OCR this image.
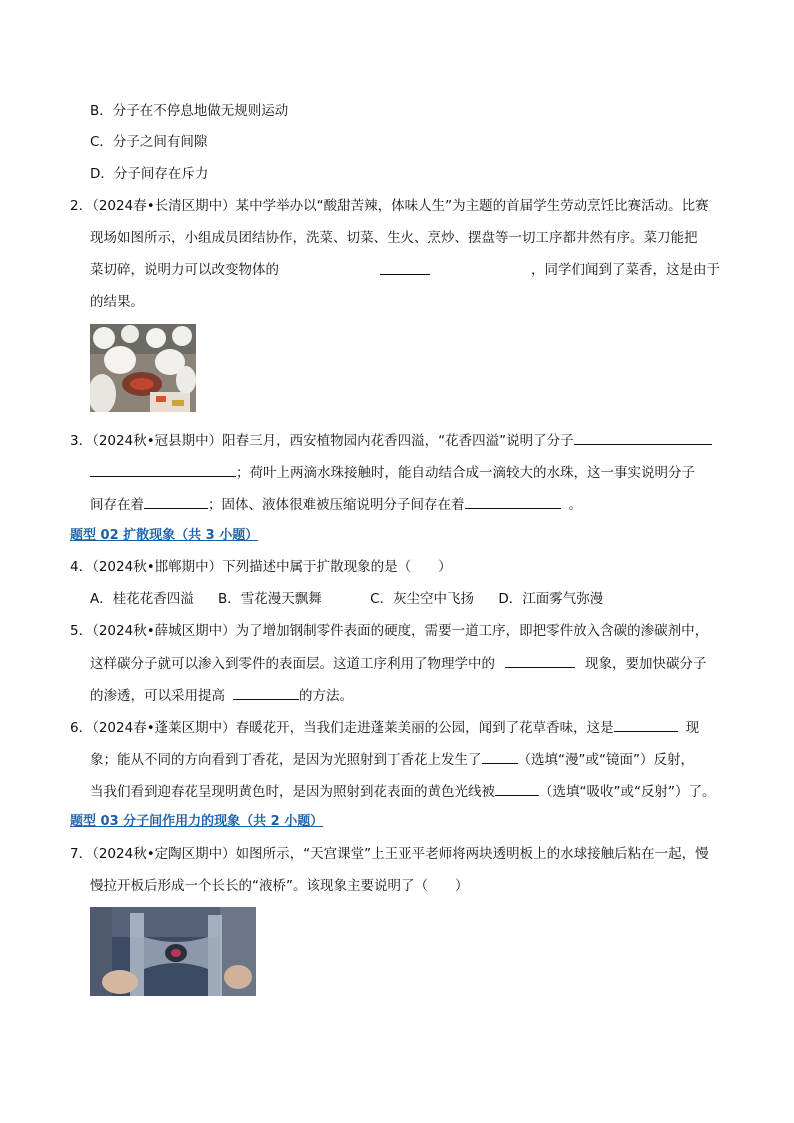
B．分子在不停息地做无规则运动
C．分子之间有间隙
D．分子间存在斥力
2．（2024春•长清区期中）某中学举办以“酸甜苦辣，体味人生”为主题的首届学生劳动烹饪比赛活动。比赛
现场如图所示，小组成员团结协作，洗菜、切菜、生火、烹炒、摆盘等一切工序都井然有序。菜刀能把
菜切碎，说明力可以改变物体的	，同学们闻到了菜香，这是由于
的结果。
3．（2024秋•冠县期中）阳春三月，西安植物园内花香四溢，“花香四溢”说明了分子
；荷叶上两滴水珠接触时，能自动结合成一滴较大的水珠，这一事实说明分子
间存在着	；固体、液体很难被压缩说明分子间存在着	。
题型 02 扩散现象（共 3 小题）
4．（2024秋•邯郸期中）下列描述中属于扩散现象的是（　　）
A．桂花花香四溢 B．雪花漫天飘舞	C．灰尘空中飞扬 D．江面雾气弥漫
5．（2024秋•薛城区期中）为了增加钢制零件表面的硬度，需要一道工序，即把零件放入含碳的渗碳剂中，
这样碳分子就可以渗入到零件的表面层。这道工序利用了物理学中的	现象，要加快碳分子
的渗透，可以采用提高	的方法。
6．（2024春•蓬莱区期中）春暖花开，当我们走进蓬莱美丽的公园，闻到了花草香味，这是	现
象；能从不同的方向看到丁香花，是因为光照射到丁香花上发生了	（选填“漫”或“镜面”）反射，
当我们看到迎春花呈现明黄色时，是因为照射到花表面的黄色光线被	（选填“吸收”或“反射”）了。
题型 03 分子间作用力的现象（共 2 小题）
7．（2024秋•定陶区期中）如图所示，“天宫课堂”上王亚平老师将两块透明板上的水球接触后粘在一起，慢
慢拉开板后形成一个长长的“液桥”。该现象主要说明了（　　）
